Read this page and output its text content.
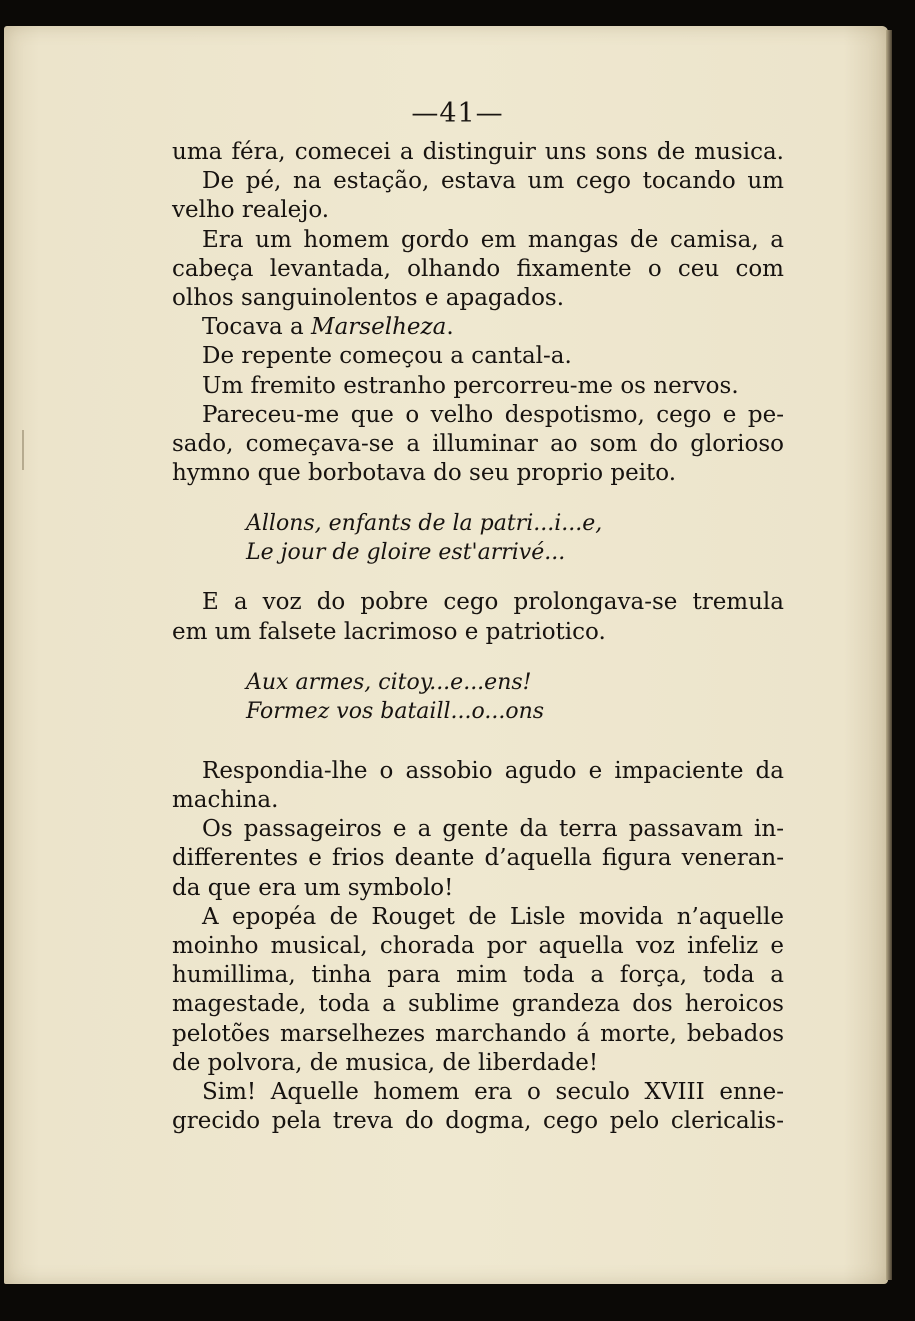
—41—
uma féra, comecei a distinguir uns sons de musica.
De pé, na estação, estava um cego tocando um
velho realejo.
Era um homem gordo em mangas de camisa, a
cabeça levantada, olhando fixamente o ceu com
olhos sanguinolentos e apagados.
Tocava a Marselheza.
De repente começou a cantal-a.
Um fremito estranho percorreu-me os nervos.
Pareceu-me que o velho despotismo, cego e pe-
sado, começava-se a illuminar ao som do glorioso
hymno que borbotava do seu proprio peito.
Allons, enfants de la patri...i...e,
Le jour de gloire est'arrivé...
E a voz do pobre cego prolongava-se tremula
em um falsete lacrimoso e patriotico.
Aux armes, citoy...e...ens!
Formez vos bataill...o...ons
Respondia-lhe o assobio agudo e impaciente da
machina.
Os passageiros e a gente da terra passavam in-
differentes e frios deante d’aquella figura veneran-
da que era um symbolo!
A epopéa de Rouget de Lisle movida n’aquelle
moinho musical, chorada por aquella voz infeliz e
humillima, tinha para mim toda a força, toda a
magestade, toda a sublime grandeza dos heroicos
pelotões marselhezes marchando á morte, bebados
de polvora, de musica, de liberdade!
Sim! Aquelle homem era o seculo XVIII enne-
grecido pela treva do dogma, cego pelo clericalis-
